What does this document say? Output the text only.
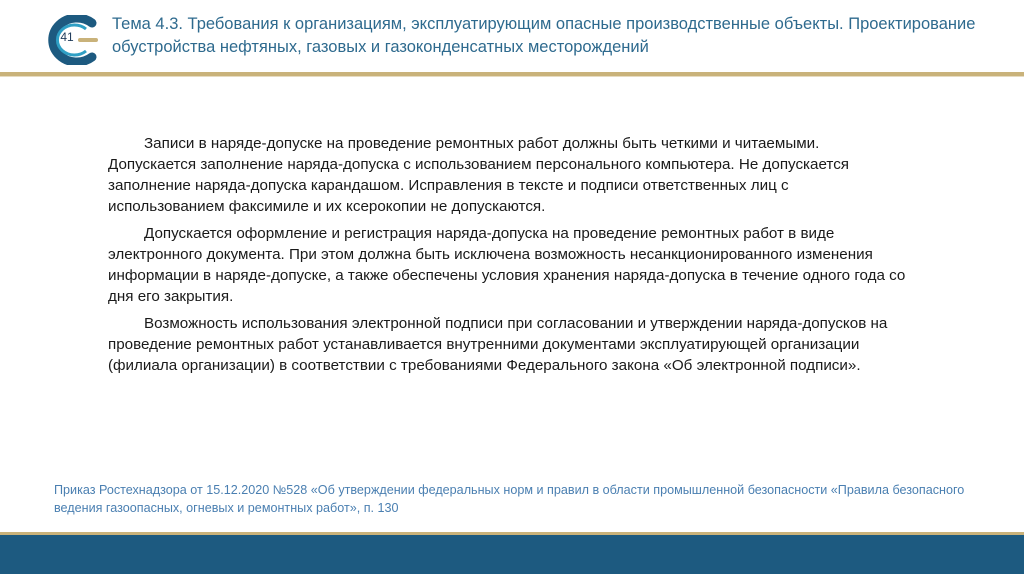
41
Тема 4.3. Требования к организациям, эксплуатирующим опасные производственные объекты. Проектирование обустройства нефтяных, газовых и газоконденсатных месторождений

Записи в наряде-допуске на проведение ремонтных работ должны быть четкими и читаемыми. Допускается заполнение наряда-допуска с использованием персонального компьютера. Не допускается заполнение наряда-допуска карандашом. Исправления в тексте и подписи ответственных лиц с использованием факсимиле и их ксерокопии не допускаются.

Допускается оформление и регистрация наряда-допуска на проведение ремонтных работ в виде электронного документа. При этом должна быть исключена возможность несанкционированного изменения информации в наряде-допуске, а также обеспечены условия хранения наряда-допуска в течение одного года со дня его закрытия.

Возможность использования электронной подписи при согласовании и утверждении наряда-допусков на проведение ремонтных работ устанавливается внутренними документами эксплуатирующей организации (филиала организации) в соответствии с требованиями Федерального закона «Об электронной подписи».

Приказ Ростехнадзора от 15.12.2020 №528 «Об утверждении федеральных норм и правил в области промышленной безопасности «Правила безопасного ведения газоопасных, огневых и ремонтных работ», п. 130
